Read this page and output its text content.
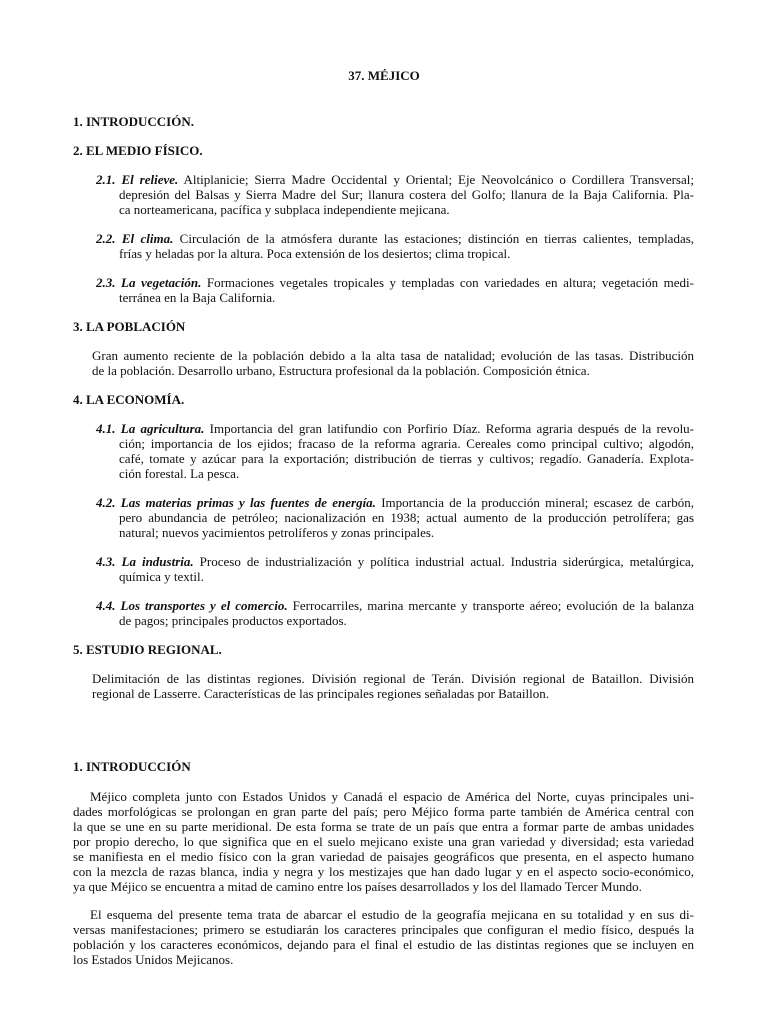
37. MÉJICO
1. INTRODUCCIÓN.
2. EL MEDIO FÍSICO.
2.1. El relieve. Altiplanicie; Sierra Madre Occidental y Oriental; Eje Neovolcánico o Cordillera Transversal;
depresión del Balsas y Sierra Madre del Sur; llanura costera del Golfo; llanura de la Baja California. Pla-
ca norteamericana, pacífica y subplaca independiente mejicana.
2.2. El clima. Circulación de la atmósfera durante las estaciones; distinción en tierras calientes, templadas,
frías y heladas por la altura. Poca extensión de los desiertos; clima tropical.
2.3. La vegetación. Formaciones vegetales tropicales y templadas con variedades en altura; vegetación medi-
terránea en la Baja California.
3. LA POBLACIÓN
Gran aumento reciente de la población debido a la alta tasa de natalidad; evolución de las tasas. Distribución
de la población. Desarrollo urbano, Estructura profesional da la población. Composición étnica.
4. LA ECONOMÍA.
4.1. La agricultura. Importancia del gran latifundio con Porfirio Díaz. Reforma agraria después de la revolu-
ción; importancia de los ejidos; fracaso de la reforma agraria. Cereales como principal cultivo; algodón,
café, tomate y azúcar para la exportación; distribución de tierras y cultivos; regadío. Ganadería. Explota-
ción forestal. La pesca.
4.2. Las materias primas y las fuentes de energía. Importancia de la producción mineral; escasez de carbón,
pero abundancia de petróleo; nacionalización en 1938; actual aumento de la producción petrolífera; gas
natural; nuevos yacimientos petrolíferos y zonas principales.
4.3. La industria. Proceso de industrialización y política industrial actual. Industria siderúrgica, metalúrgica,
química y textil.
4.4. Los transportes y el comercio. Ferrocarriles, marina mercante y transporte aéreo; evolución de la balanza
de pagos; principales productos exportados.
5. ESTUDIO REGIONAL.
Delimitación de las distintas regiones. División regional de Terán. División regional de Bataillon. División
regional de Lasserre. Características de las principales regiones señaladas por Bataillon.
1. INTRODUCCIÓN
Méjico completa junto con Estados Unidos y Canadá el espacio de América del Norte, cuyas principales uni-
dades morfológicas se prolongan en gran parte del país; pero Méjico forma parte también de América central con
la que se une en su parte meridional. De esta forma se trate de un país que entra a formar parte de ambas unidades
por propio derecho, lo que significa que en el suelo mejicano existe una gran variedad y diversidad; esta variedad
se manifiesta en el medio físico con la gran variedad de paisajes geográficos que presenta, en el aspecto humano
con la mezcla de razas blanca, india y negra y los mestizajes que han dado lugar y en el aspecto socio-económico,
ya que Méjico se encuentra a mitad de camino entre los países desarrollados y los del llamado Tercer Mundo.
El esquema del presente tema trata de abarcar el estudio de la geografía mejicana en su totalidad y en sus di-
versas manifestaciones; primero se estudiarán los caracteres principales que configuran el medio físico, después la
población y los caracteres económicos, dejando para el final el estudio de las distintas regiones que se incluyen en
los Estados Unidos Mejicanos.
